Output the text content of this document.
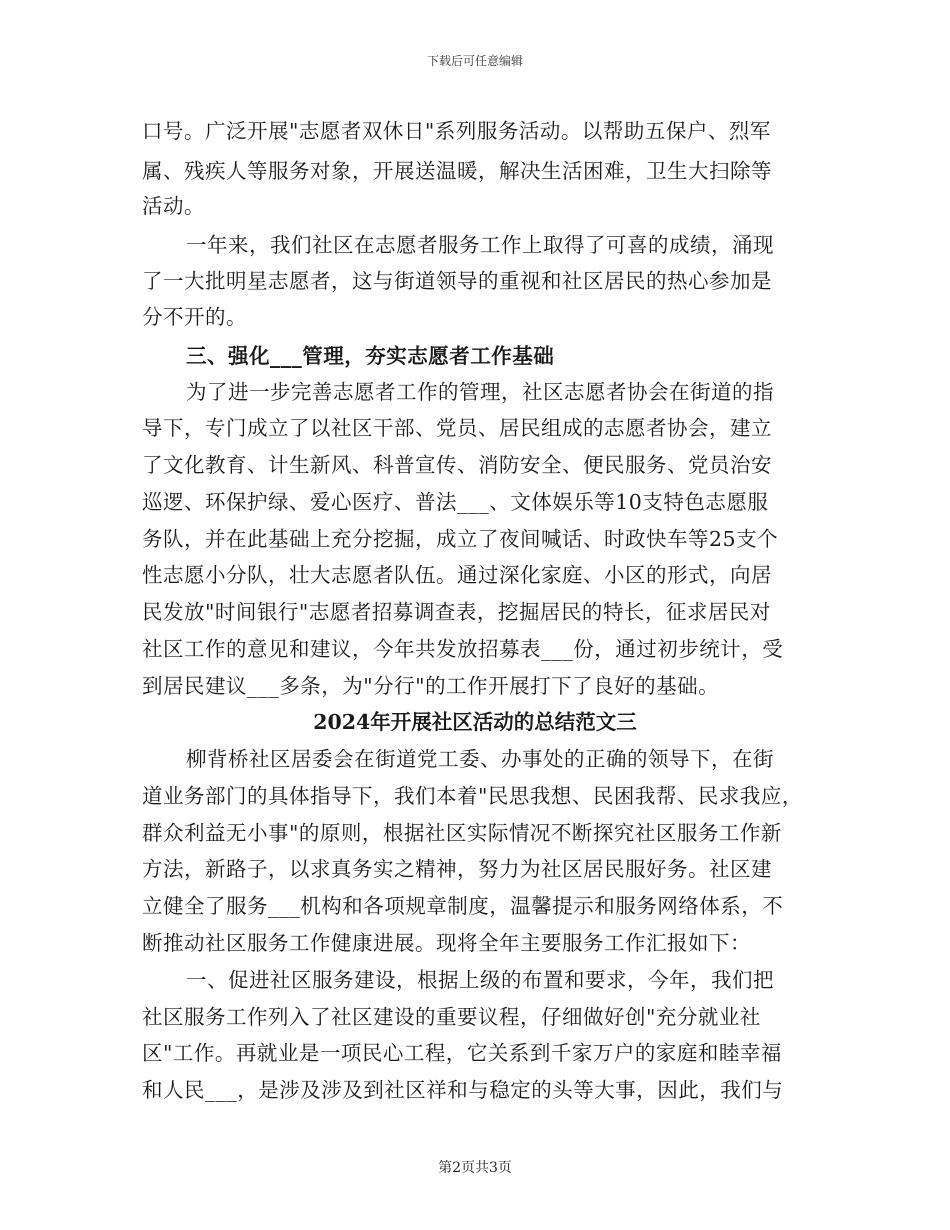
下载后可任意编辑
口号。广泛开展"志愿者双休日"系列服务活动。以帮助五保户、烈军
属、残疾人等服务对象，开展送温暖，解决生活困难，卫生大扫除等
活动。
一年来，我们社区在志愿者服务工作上取得了可喜的成绩，涌现
了一大批明星志愿者，这与街道领导的重视和社区居民的热心参加是
分不开的。
三、强化___管理，夯实志愿者工作基础
为了进一步完善志愿者工作的管理，社区志愿者协会在街道的指
导下，专门成立了以社区干部、党员、居民组成的志愿者协会，建立
了文化教育、计生新风、科普宣传、消防安全、便民服务、党员治安
巡逻、环保护绿、爱心医疗、普法___、文体娱乐等10支特色志愿服
务队，并在此基础上充分挖掘，成立了夜间喊话、时政快车等25支个
性志愿小分队，壮大志愿者队伍。通过深化家庭、小区的形式，向居
民发放"时间银行"志愿者招募调查表，挖掘居民的特长，征求居民对
社区工作的意见和建议，今年共发放招募表___份，通过初步统计，受
到居民建议___多条，为"分行"的工作开展打下了良好的基础。
2024年开展社区活动的总结范文三
柳背桥社区居委会在街道党工委、办事处的正确的领导下，在街
道业务部门的具体指导下，我们本着"民思我想、民困我帮、民求我应，
群众利益无小事"的原则，根据社区实际情况不断探究社区服务工作新
方法，新路子，以求真务实之精神，努力为社区居民服好务。社区建
立健全了服务___机构和各项规章制度，温馨提示和服务网络体系，不
断推动社区服务工作健康进展。现将全年主要服务工作汇报如下：
一、促进社区服务建设，根据上级的布置和要求，今年，我们把
社区服务工作列入了社区建设的重要议程，仔细做好创"充分就业社
区"工作。再就业是一项民心工程，它关系到千家万户的家庭和睦幸福
和人民___，是涉及涉及到社区祥和与稳定的头等大事，因此，我们与
第2页共3页
